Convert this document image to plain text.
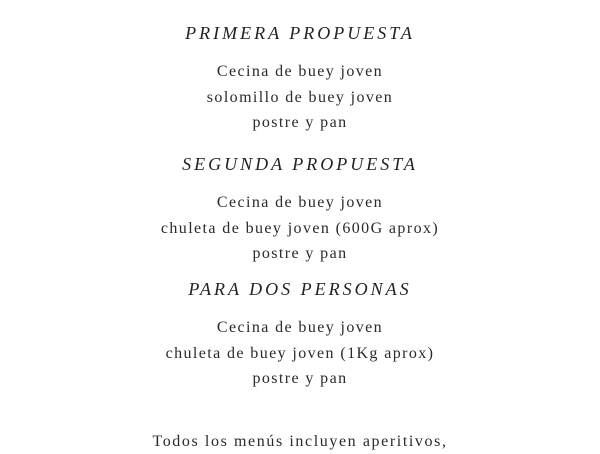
PRIMERA PROPUESTA
Cecina de buey joven
solomillo de buey joven
postre y pan
SEGUNDA PROPUESTA
Cecina de buey joven
chuleta de buey joven (600G aprox)
postre y pan
PARA DOS PERSONAS
Cecina de buey joven
chuleta de buey joven (1Kg aprox)
postre y pan
Todos los menús incluyen aperitivos,
